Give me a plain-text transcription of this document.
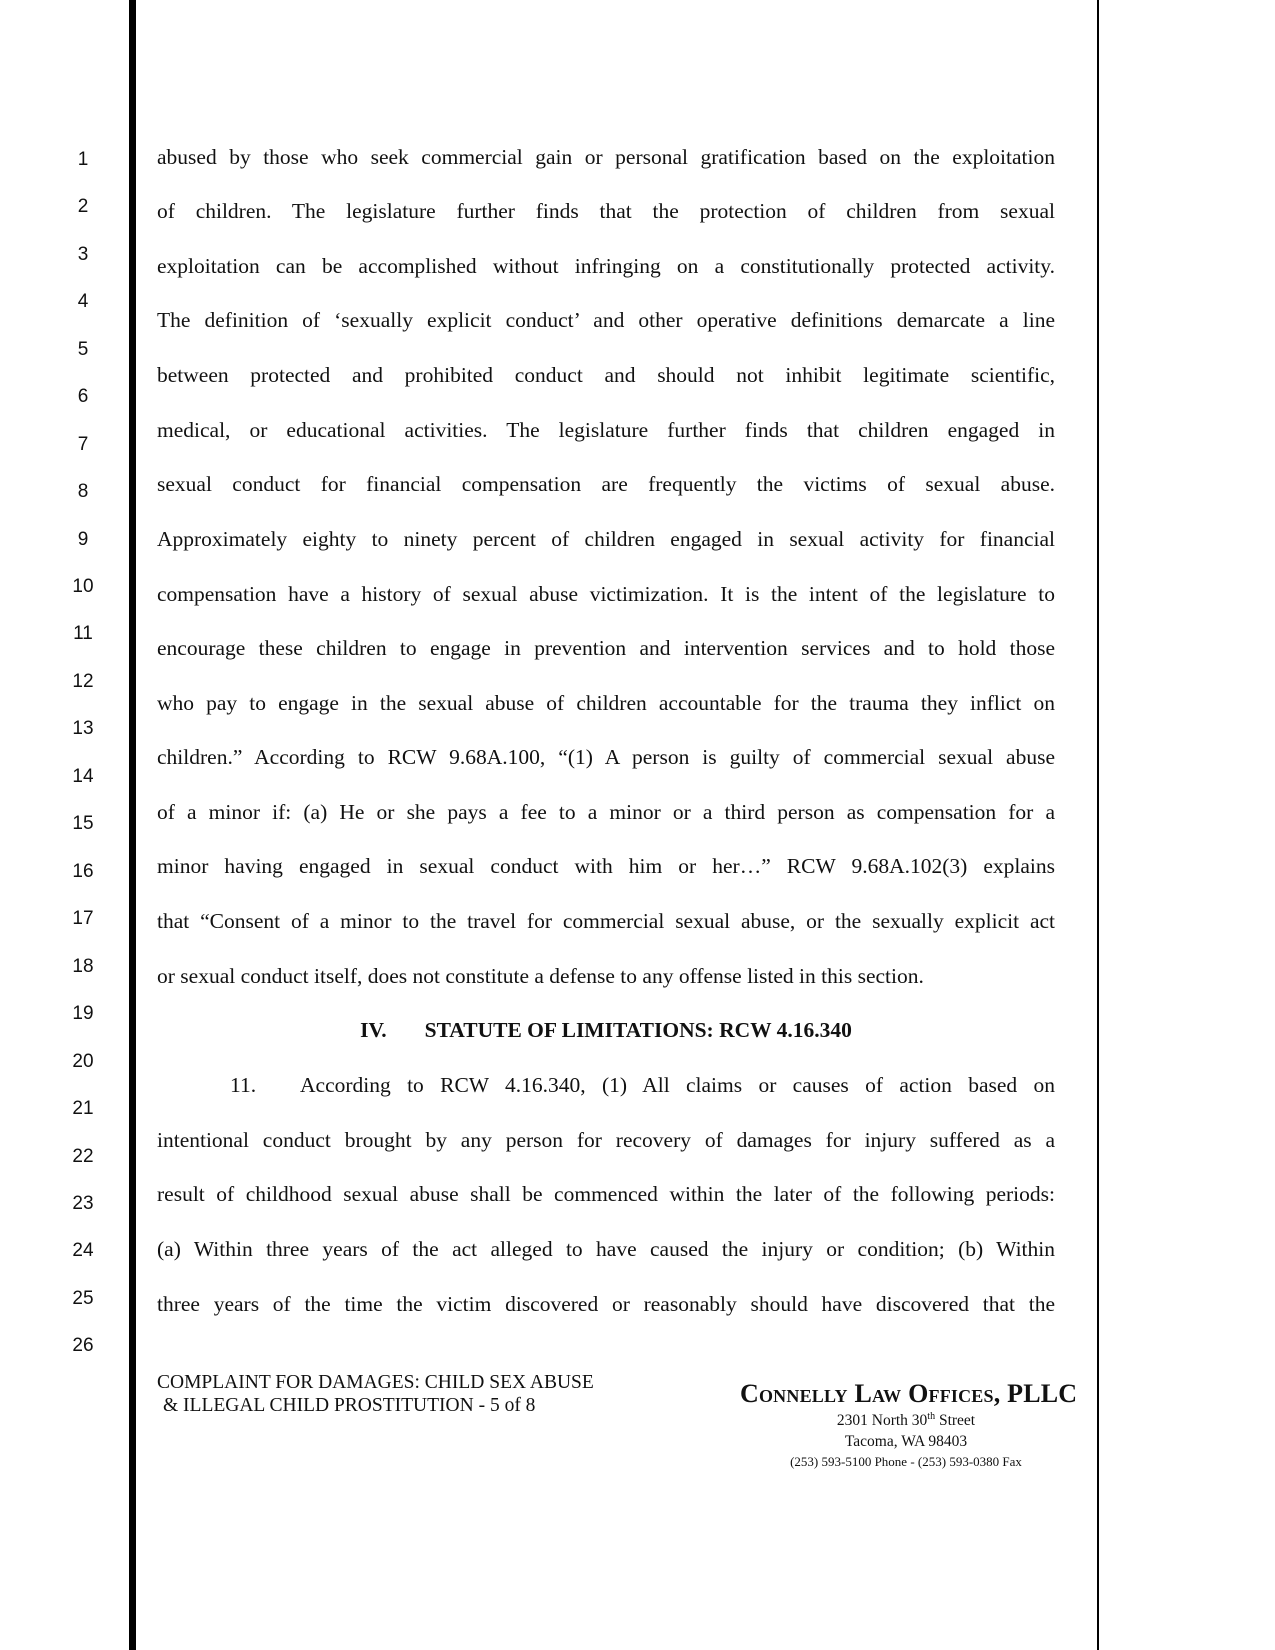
1
2
3
4
5
6
7
8
9
10
11
12
13
14
15
16
17
18
19
20
21
22
23
24
25
26
abused by those who seek commercial gain or personal gratification based on the exploitation
of children. The legislature further finds that the protection of children from sexual
exploitation can be accomplished without infringing on a constitutionally protected activity.
The definition of ‘sexually explicit conduct’ and other operative definitions demarcate a line
between protected and prohibited conduct and should not inhibit legitimate scientific,
medical, or educational activities. The legislature further finds that children engaged in
sexual conduct for financial compensation are frequently the victims of sexual abuse.
Approximately eighty to ninety percent of children engaged in sexual activity for financial
compensation have a history of sexual abuse victimization. It is the intent of the legislature to
encourage these children to engage in prevention and intervention services and to hold those
who pay to engage in the sexual abuse of children accountable for the trauma they inflict on
children.” According to RCW 9.68A.100, “(1) A person is guilty of commercial sexual abuse
of a minor if: (a) He or she pays a fee to a minor or a third person as compensation for a
minor having engaged in sexual conduct with him or her…” RCW 9.68A.102(3) explains
that “Consent of a minor to the travel for commercial sexual abuse, or the sexually explicit act
or sexual conduct itself, does not constitute a defense to any offense listed in this section.
IV. STATUTE OF LIMITATIONS: RCW 4.16.340
11.	According to RCW 4.16.340, (1) All claims or causes of action based on
intentional conduct brought by any person for recovery of damages for injury suffered as a
result of childhood sexual abuse shall be commenced within the later of the following periods:
(a) Within three years of the act alleged to have caused the injury or condition; (b) Within
three years of the time the victim discovered or reasonably should have discovered that the
COMPLAINT FOR DAMAGES: CHILD SEX ABUSE
& ILLEGAL CHILD PROSTITUTION - 5 of 8	Connelly Law Offices, PLLC
2301 North 30th Street
Tacoma, WA 98403
(253) 593-5100 Phone - (253) 593-0380 Fax
